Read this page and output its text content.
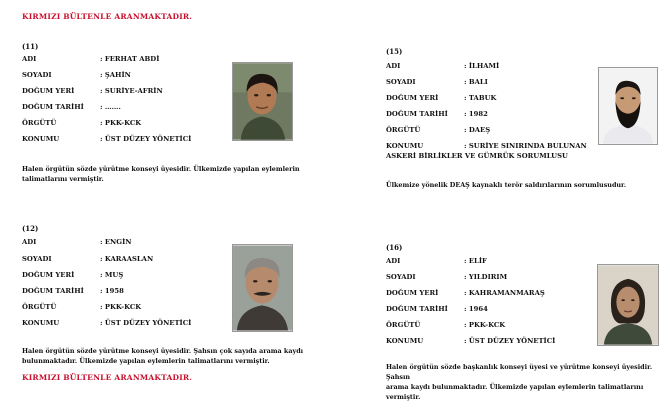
KIRMIZI BÜLTENLE ARANMAKTADIR.
(11)
ADI	: FERHAT ABDİ
SOYADI	: ŞAHİN
DOĞUM YERİ	: SURİYE-AFRİN
DOĞUM TARİHİ : …….
ÖRGÜTÜ	: PKK-KCK
KONUMU	: ÜST DÜZEY YÖNETİCİ
Halen örgütün sözde yürütme konseyi üyesidir. Ülkemizde yapılan eylemlerin
talimatlarını vermiştir.
(12)
ADI	: ENGİN
SOYADI	: KARAASLAN
DOĞUM YERİ	: MUŞ
DOĞUM TARİHİ : 1958
ÖRGÜTÜ	: PKK-KCK
KONUMU	: ÜST DÜZEY YÖNETİCİ
Halen örgütün sözde yürütme konseyi üyesidir. Şahsın çok sayıda arama kaydı
bulunmaktadır. Ülkemizde yapılan eylemlerin talimatlarını vermiştir.
(15)
ADI	: İLHAMİ
SOYADI	: BALI
DOĞUM YERİ	: TABUK
DOĞUM TARİHİ : 1982
ÖRGÜTÜ	: DAEŞ
KONUMU	: SURİYE SINIRINDA BULUNAN
ASKERİ BİRLİKLER VE GÜMRÜK SORUMLUSU
Ülkemize yönelik DEAŞ kaynaklı terör saldırılarının sorumlusudur.
(16)
ADI	: ELİF
SOYADI	: YILDIRIM
DOĞUM YERİ	: KAHRAMANMARAŞ
DOĞUM TARİHİ : 1964
ÖRGÜTÜ	: PKK-KCK
KONUMU	: ÜST DÜZEY YÖNETİCİ
Halen örgütün sözde başkanlık konseyi üyesi ve yürütme konseyi üyesidir. Şahsın
arama kaydı bulunmaktadır. Ülkemizde yapılan eylemlerin talimatlarını
vermiştir.
KIRMIZI BÜLTENLE ARANMAKTADIR.
